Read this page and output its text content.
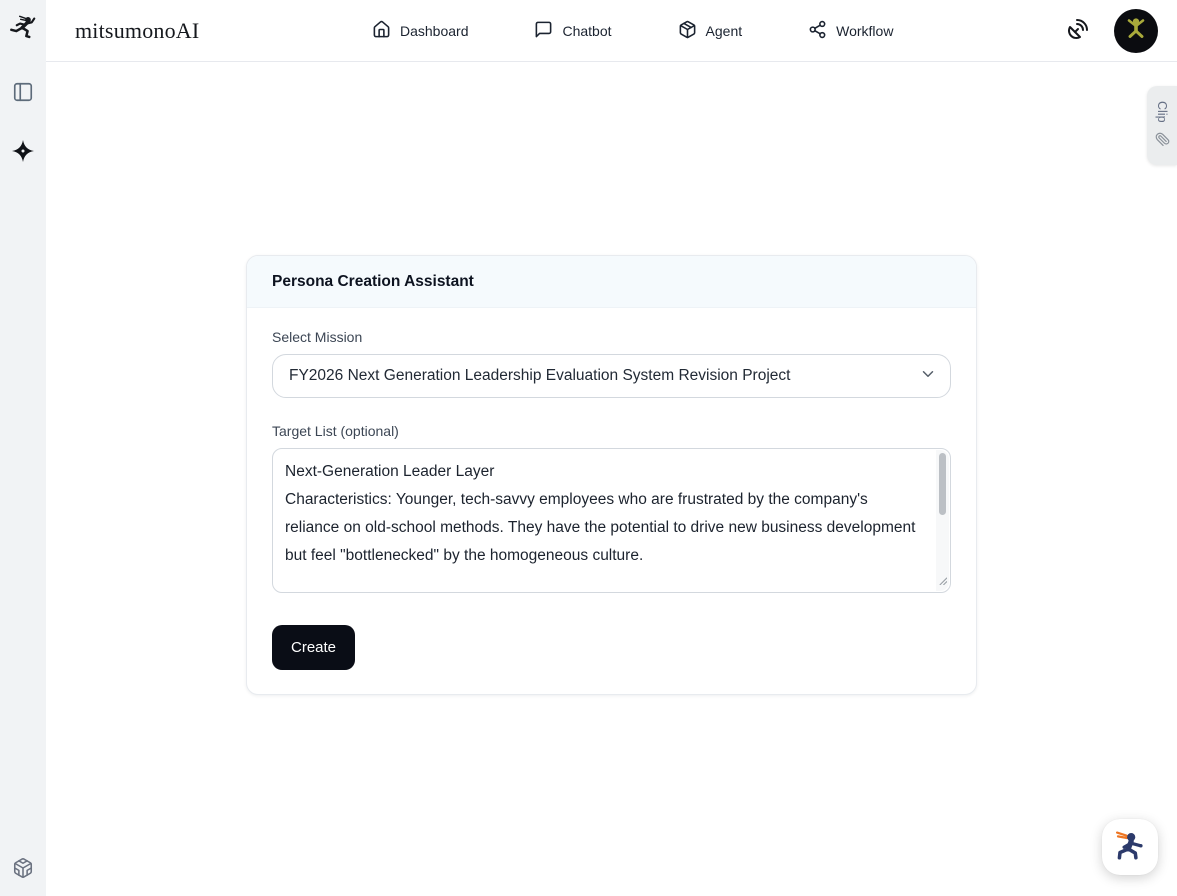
mitsumonoAI	Dashboard	Chatbot	Agent	Workflow
Persona Creation Assistant
Select Mission
FY2026 Next Generation Leadership Evaluation System Revision Project
Target List (optional)
Next-Generation Leader Layer Characteristics: Younger, tech-savvy employees who are frustrated by the company's reliance on old-school methods. They have the potential to drive new business development but feel "bottlenecked" by the homogeneous culture.
Create
Clip
